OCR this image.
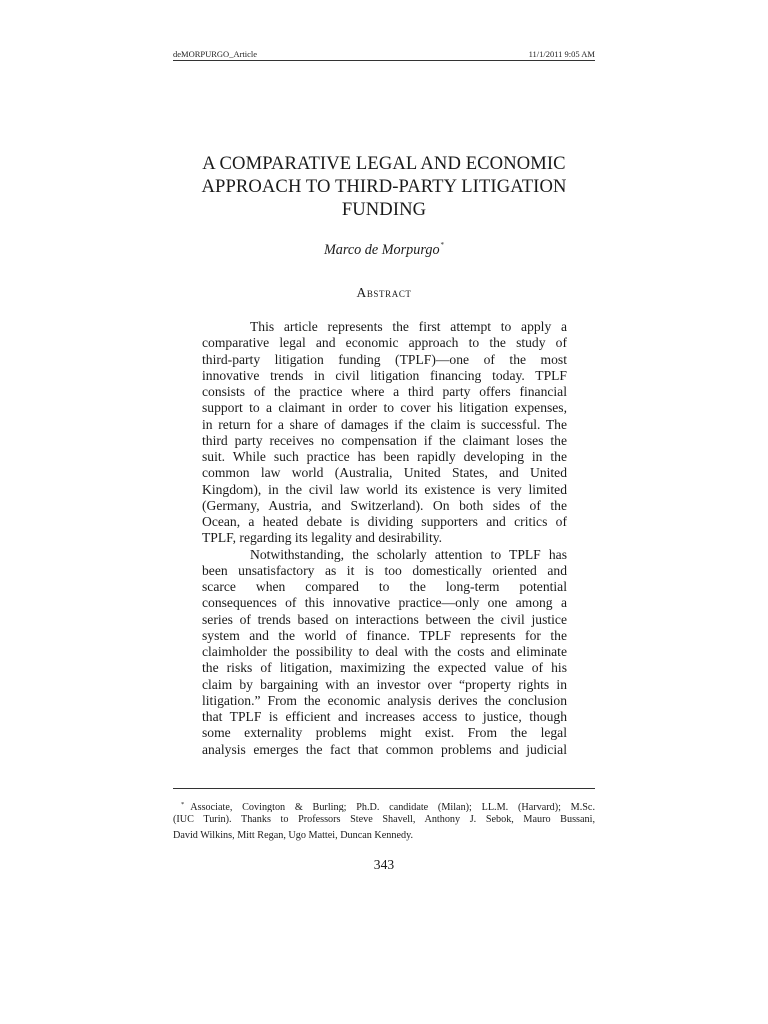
deMORPURGO_Article	11/1/2011 9:05 AM
A COMPARATIVE LEGAL AND ECONOMIC
APPROACH TO THIRD-PARTY LITIGATION
FUNDING
Marco de Morpurgo*
Abstract
This article represents the first attempt to apply a
comparative legal and economic approach to the study of
third-party litigation funding (TPLF)—one of the most
innovative trends in civil litigation financing today. TPLF
consists of the practice where a third party offers financial
support to a claimant in order to cover his litigation expenses,
in return for a share of damages if the claim is successful. The
third party receives no compensation if the claimant loses the
suit. While such practice has been rapidly developing in the
common law world (Australia, United States, and United
Kingdom), in the civil law world its existence is very limited
(Germany, Austria, and Switzerland). On both sides of the
Ocean, a heated debate is dividing supporters and critics of
TPLF, regarding its legality and desirability.
Notwithstanding, the scholarly attention to TPLF has
been unsatisfactory as it is too domestically oriented and
scarce when compared to the long-term potential
consequences of this innovative practice—only one among a
series of trends based on interactions between the civil justice
system and the world of finance. TPLF represents for the
claimholder the possibility to deal with the costs and eliminate
the risks of litigation, maximizing the expected value of his
claim by bargaining with an investor over “property rights in
litigation.” From the economic analysis derives the conclusion
that TPLF is efficient and increases access to justice, though
some externality problems might exist. From the legal
analysis emerges the fact that common problems and judicial
* Associate, Covington & Burling; Ph.D. candidate (Milan); LL.M. (Harvard); M.Sc.
(IUC Turin). Thanks to Professors Steve Shavell, Anthony J. Sebok, Mauro Bussani,
David Wilkins, Mitt Regan, Ugo Mattei, Duncan Kennedy.
343
